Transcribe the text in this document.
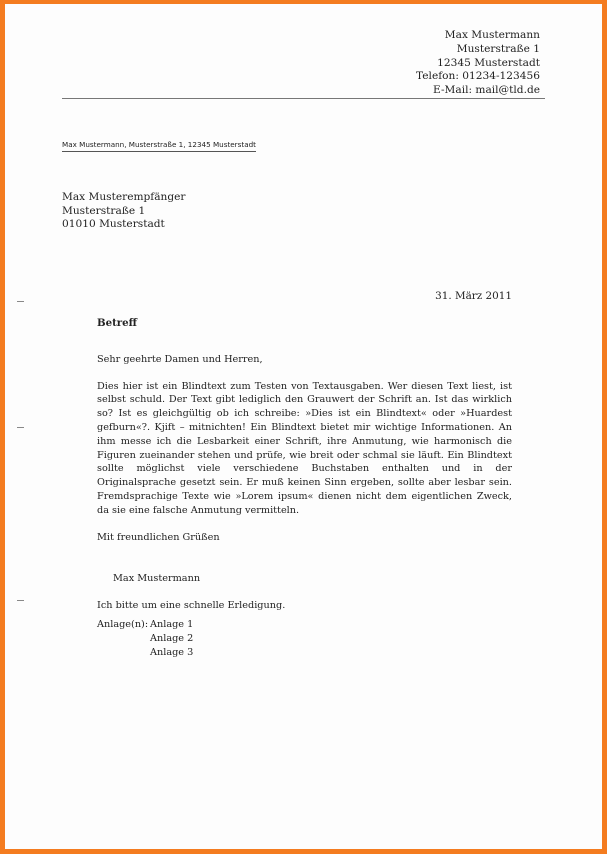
Max Mustermann
Musterstraße 1
12345 Musterstadt
Telefon: 01234-123456
E-Mail: mail@tld.de
Max Mustermann, Musterstraße 1, 12345 Musterstadt
Max Musterempfänger
Musterstraße 1
01010 Musterstadt
31. März 2011
Betreff
Sehr geehrte Damen und Herren,
Dies hier ist ein Blindtext zum Testen von Textausgaben. Wer diesen Text liest, ist selbst schuld. Der Text gibt lediglich den Grauwert der Schrift an. Ist das wirklich so? Ist es gleichgültig ob ich schreibe: »Dies ist ein Blindtext« oder »Huardest gefburn«?. Kjift – mitnichten! Ein Blindtext bietet mir wichtige Informationen. An ihm messe ich die Lesbarkeit einer Schrift, ihre Anmutung, wie harmonisch die Figuren zueinander stehen und prüfe, wie breit oder schmal sie läuft. Ein Blindtext sollte möglichst viele verschiedene Buchstaben enthalten und in der Originalsprache gesetzt sein. Er muß keinen Sinn ergeben, sollte aber lesbar sein. Fremdsprachige Texte wie »Lorem ipsum« dienen nicht dem eigentlichen Zweck, da sie eine falsche Anmutung vermitteln.
Mit freundlichen Grüßen
Max Mustermann
Ich bitte um eine schnelle Erledigung.
Anlage(n): Anlage 1
Anlage 2
Anlage 3
